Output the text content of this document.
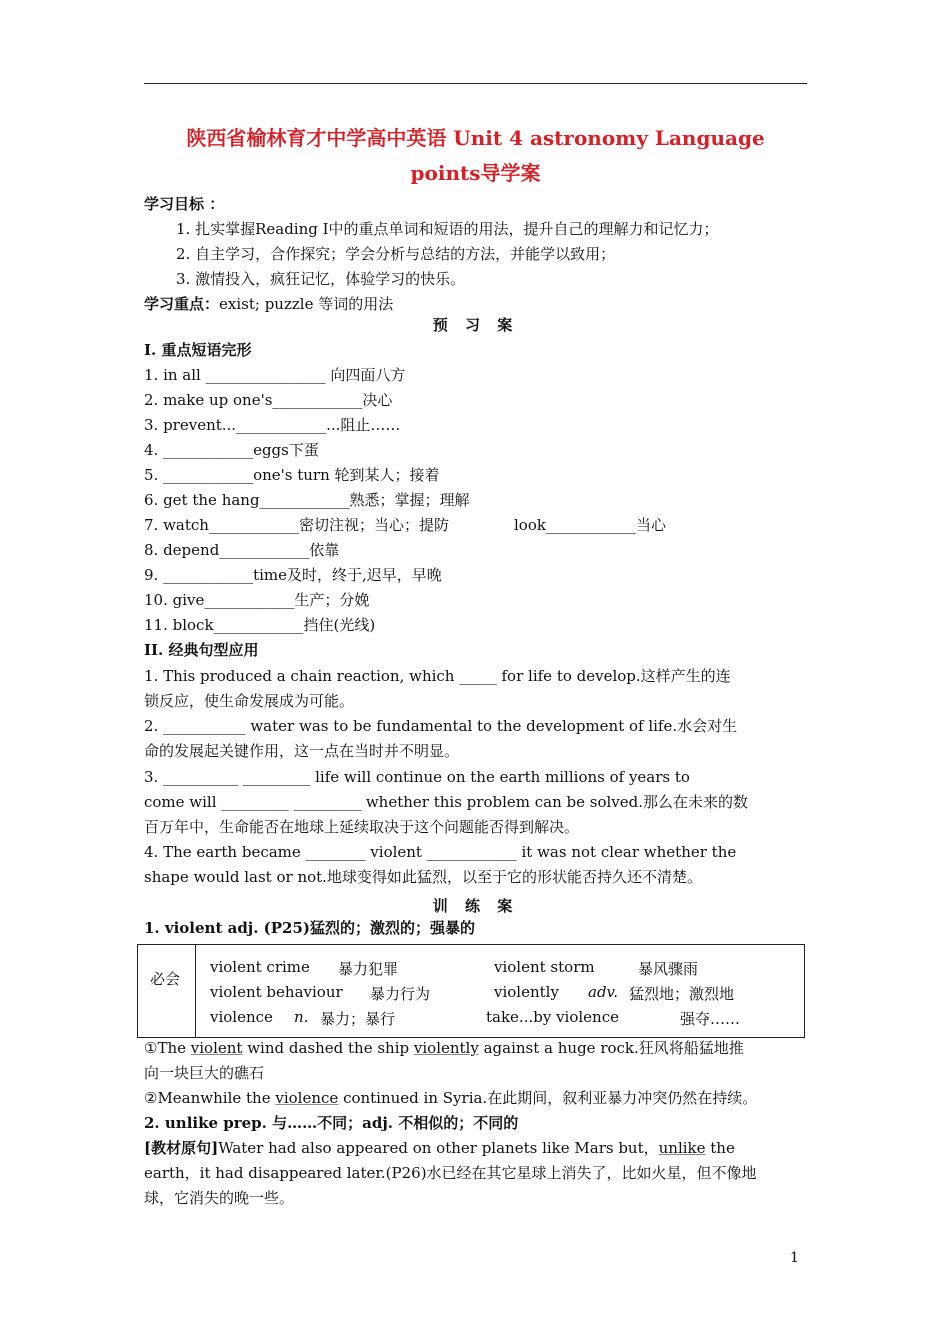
陕西省榆林育才中学高中英语 Unit 4 astronomy Language
points导学案
学习目标 ：
1. 扎实掌握Reading I中的重点单词和短语的用法，提升自己的理解力和记忆力；
2. 自主学习，合作探究；学会分析与总结的方法，并能学以致用；
3. 激情投入，疯狂记忆，体验学习的快乐。
学习重点：exist; puzzle 等词的用法
预 习 案
I. 重点短语完形
1. in all ________________ 向四面八方
2. make up one's____________决心
3. prevent...____________...阻止……
4. ____________eggs下蛋
5. ____________one's turn 轮到某人；接着
6. get the hang____________熟悉；掌握；理解
7. watch____________密切注视；当心；提防	look____________当心
8. depend____________依靠
9. ____________time及时，终于,迟早，早晚
10. give____________生产；分娩
11. block____________挡住(光线)
II. 经典句型应用
1. This produced a chain reaction, which _____ for life to develop.这样产生的连
锁反应，使生命发展成为可能。
2. ___________ water was to be fundamental to the development of life.水会对生
命的发展起关键作用，这一点在当时并不明显。
3. __________ _________ life will continue on the earth millions of years to
come will _________ _________ whether this problem can be solved.那么在未来的数
百万年中，生命能否在地球上延续取决于这个问题能否得到解决。
4. The earth became ________ violent ____________ it was not clear whether the
shape would last or not.地球变得如此猛烈，以至于它的形状能否持久还不清楚。
训 练 案
1. violent adj. (P25)猛烈的；激烈的；强暴的
必会
violent crime 暴力犯罪	violent storm	暴风骤雨
violent behaviour 暴力行为	violently adv. 猛烈地；激烈地
violence n. 暴力；暴行	take...by violence	强夺……
①The violent wind dashed the ship violently against a huge rock.狂风将船猛地推
向一块巨大的礁石
②Meanwhile the violence continued in Syria.在此期间，叙利亚暴力冲突仍然在持续。
2. unlike prep. 与……不同；adj. 不相似的；不同的
[教材原句]Water had also appeared on other planets like Mars but，unlike the
earth，it had disappeared later.(P26)水已经在其它星球上消失了，比如火星，但不像地
球，它消失的晚一些。
1
